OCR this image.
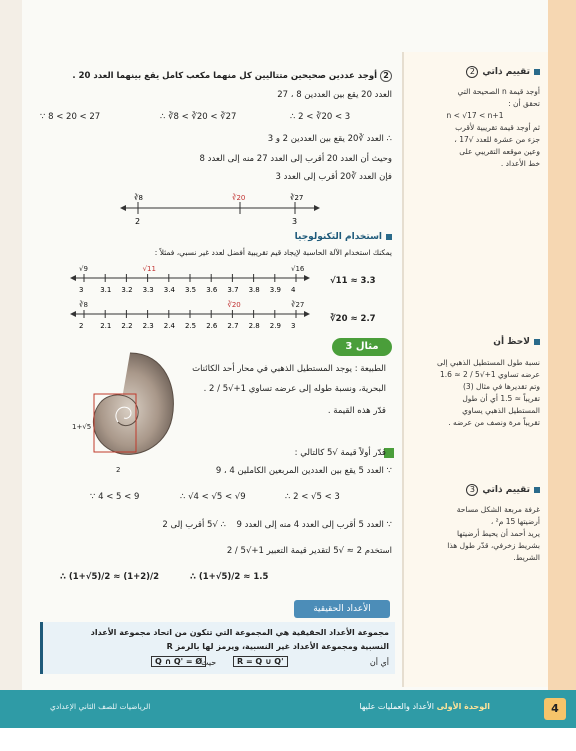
تقييم ذاتي
2
أوجد قيمة n الصحيحة التي
تحقق أن :
n < √17 < n+1
ثم أوجد قيمة تقريبية لأقرب
جزء من عشرة للعدد √17 ،
وعين موقعه التقريبي على
خط الأعداد .
لاحظ أن
نسبة طول المستطيل الذهبي إلى
عرضه تساوي 1+√5 / 2 ≈ 1.6
وتم تقديرها في مثال (3)
تقريباً ≈ 1.5 أي أن طول
المستطيل الذهبي يساوي
تقريباً مرة ونصف من عرضه .
تقييم ذاتي
3
غرفة مربعة الشكل مساحة
أرضيتها 15 م² ،
يريد أحمد أن يحيط أرضيتها
بشريط زخرفي، قدّر طول هذا
الشريط.
2 أوجد عددين صحيحين متتاليين كل منهما مكعب كامل يقع بينهما العدد 20 .
العدد 20 يقع بين العددين 8 ، 27
∵ 8 < 20 < 27	∴ ∛8 < ∛20 < ∛27	∴ 2 < ∛20 < 3
∴ العدد ∛20 يقع بين العددين 2 و 3
وحيث أن العدد 20 أقرب إلى العدد 27 منه إلى العدد 8
فإن العدد ∛20 أقرب إلى العدد 3
∛8	∛20	∛27
2	3
استخدام التكنولوجيا
يمكنك استخدام الآلة الحاسبة لإيجاد قيم تقريبية أفضل لعدد غير نسبي، فمثلاً :
3 3.1 3.2 3.3 3.4 3.5 3.6 3.7 3.8 3.9 4
√9	√11	√16
√11 ≈ 3.3
2 2.1 2.2 2.3 2.4 2.5 2.6 2.7 2.8 2.9 3
∛8	∛20	∛27
∛20 ≈ 2.7
مثال 3
1+√5
2
الطبيعة : يوجد المستطيل الذهبي في محار أحد الكائنات
البحرية، ونسبة طوله إلى عرضه تساوي 1+√5 / 2 .
قدّر هذه القيمة .
قدّر أولاً قيمة √5 كالتالي :
∵ العدد 5 يقع بين العددين المربعين الكاملين 4 ، 9
∵ 4 < 5 < 9	∴ √4 < √5 < √9	∴ 2 < √5 < 3
∵ العدد 5 أقرب إلى العدد 4 منه إلى العدد 9
∴ √5 أقرب إلى 2
استخدم 2 ≈ √5 لتقدير قيمة التعبير 1+√5 / 2
∴ (1+√5)/2 ≈ (1+2)/2	∴ (1+√5)/2 ≈ 1.5
الأعداد الحقيقية
مجموعة الأعداد الحقيقية هي المجموعة التي تتكون من اتحاد مجموعة الأعداد
النسبية ومجموعة الأعداد غير النسبية، ويرمز لها بالرمز R
أي أن
R = Q ∪ Q'
حيث
Q ∩ Q' = Ø
4
الوحدة الأولى الأعداد والعمليات عليها
الرياضيات للصف الثاني الإعدادي
